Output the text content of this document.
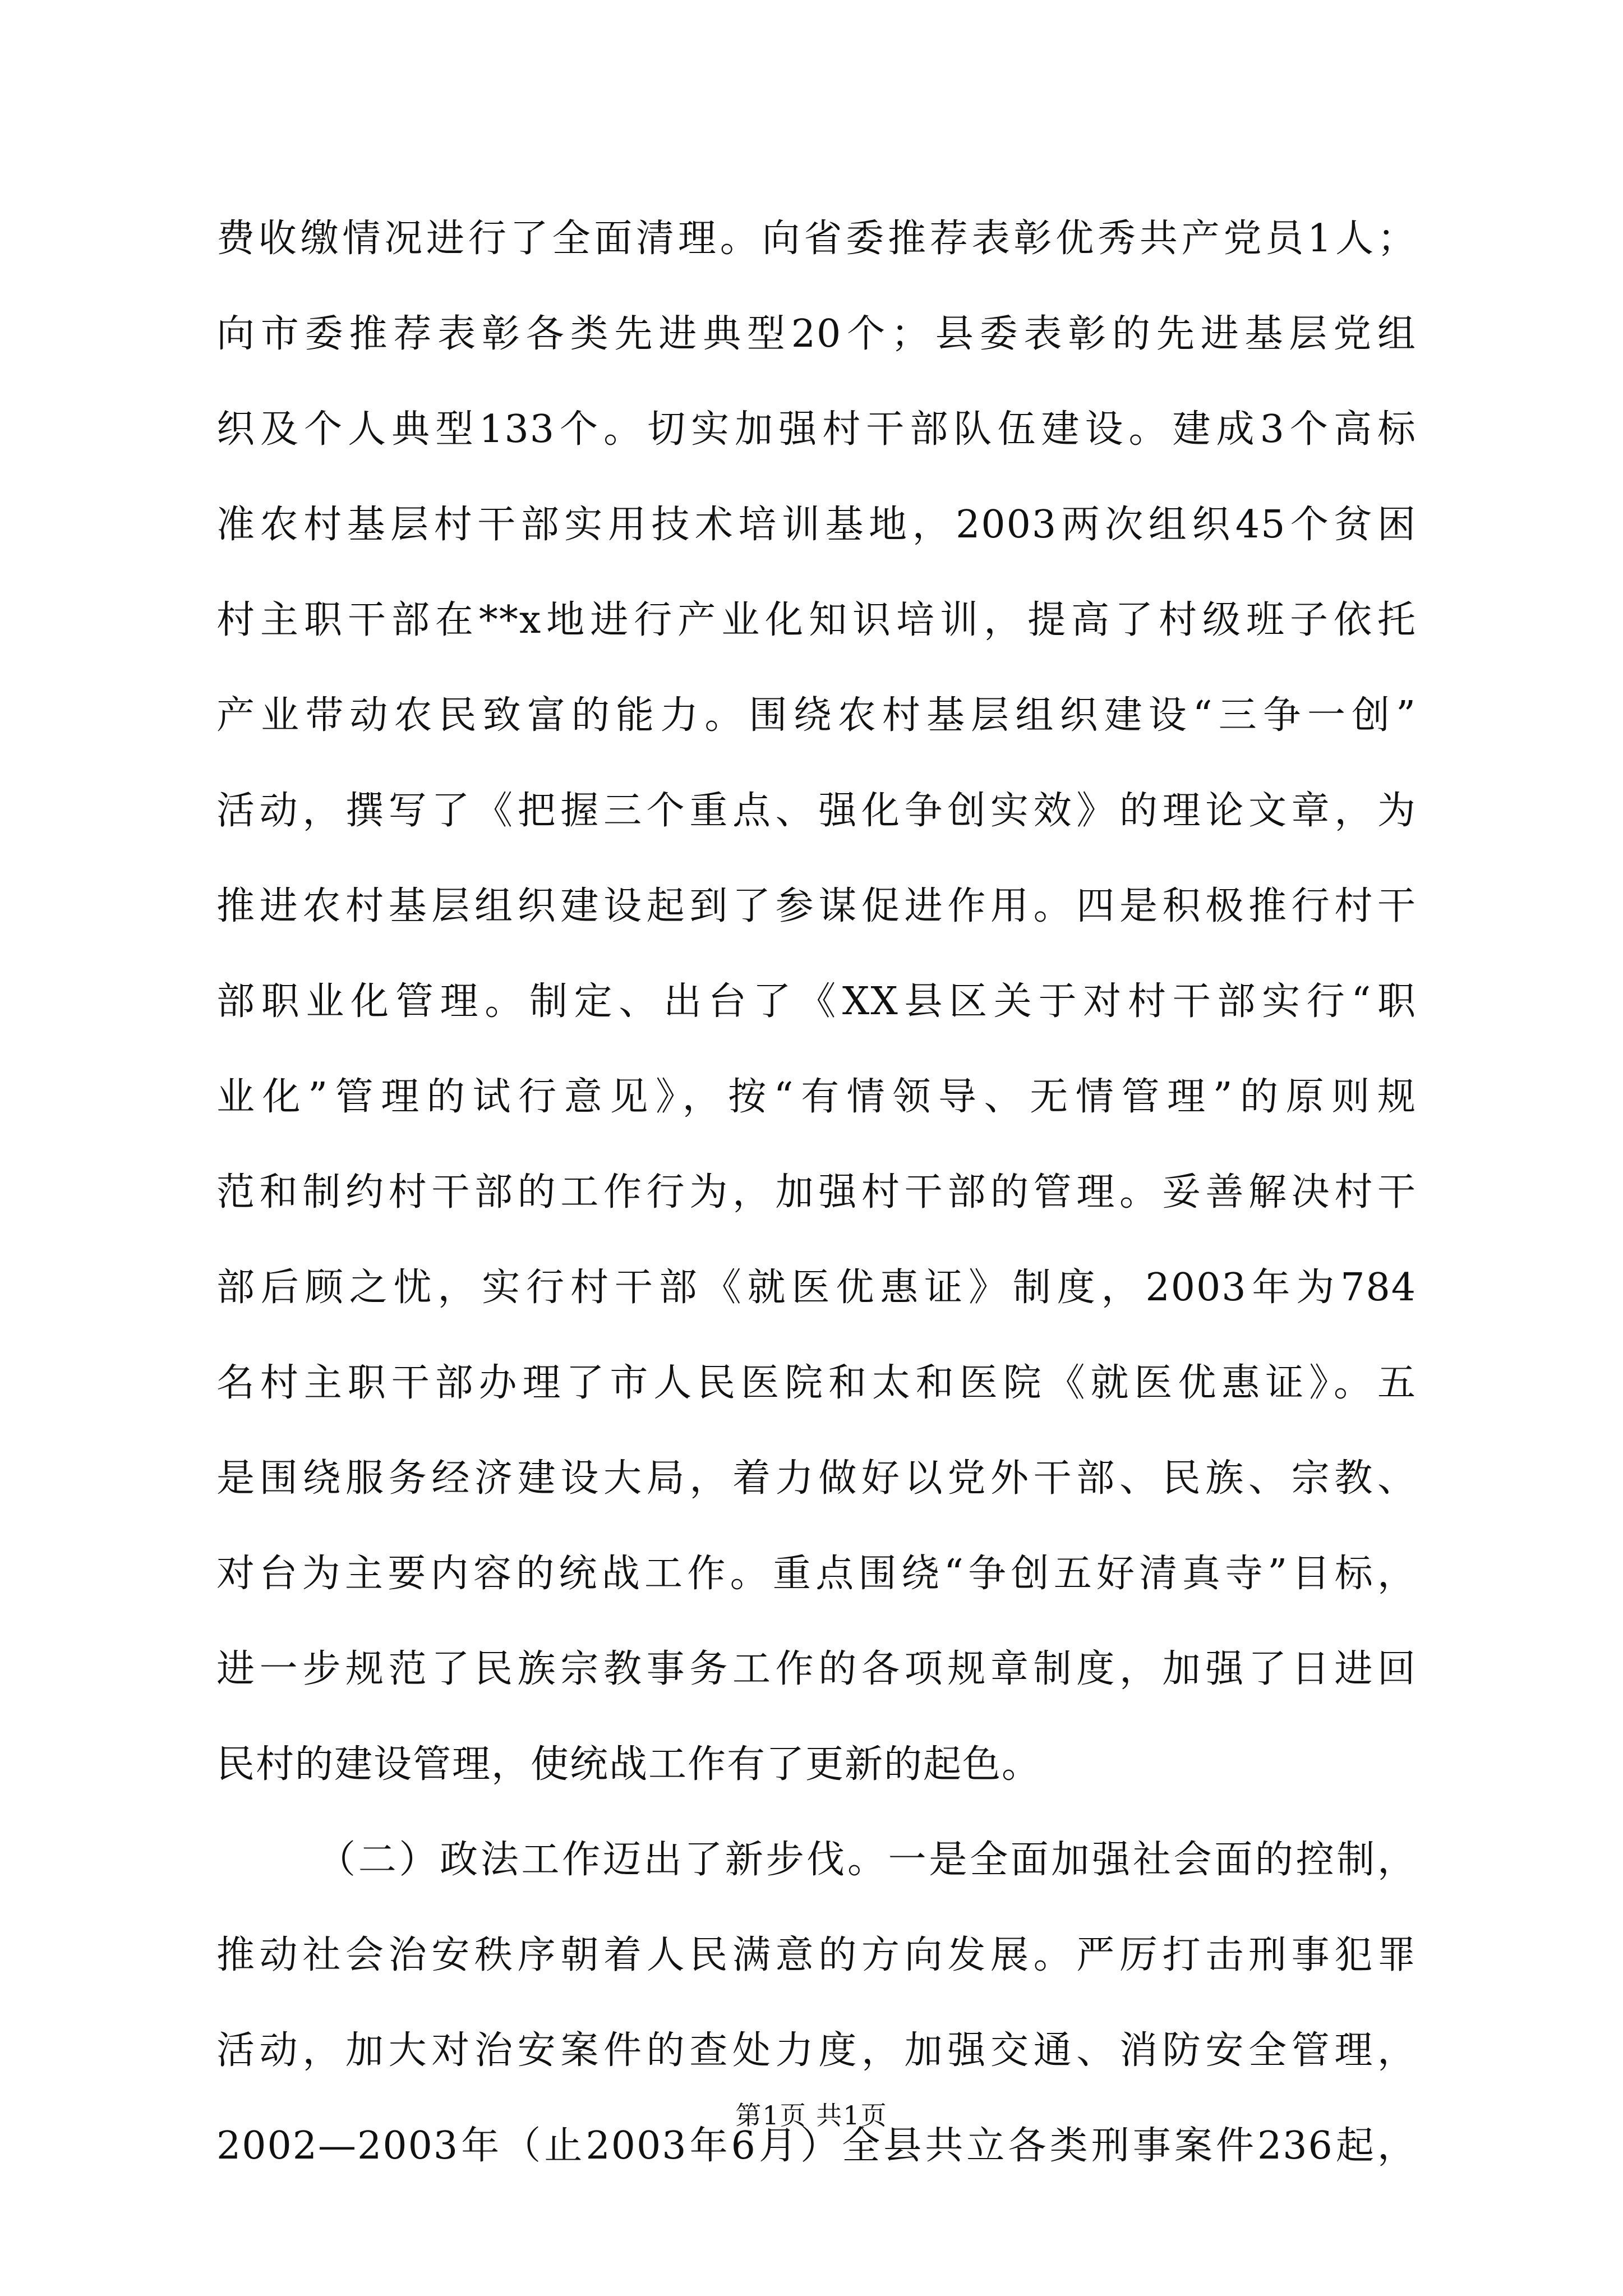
费收缴情况进行了全面清理。向省委推荐表彰优秀共产党员1人；
向市委推荐表彰各类先进典型20个；县委表彰的先进基层党组
织及个人典型133个。切实加强村干部队伍建设。建成3个高标
准农村基层村干部实用技术培训基地，2003两次组织45个贫困
村主职干部在**x地进行产业化知识培训，提高了村级班子依托
产业带动农民致富的能力。围绕农村基层组织建设“三争一创”
活动，撰写了《把握三个重点、强化争创实效》的理论文章，为
推进农村基层组织建设起到了参谋促进作用。四是积极推行村干
部职业化管理。制定、出台了《XX县区关于对村干部实行“职
业化”管理的试行意见》，按“有情领导、无情管理”的原则规
范和制约村干部的工作行为，加强村干部的管理。妥善解决村干
部后顾之忧，实行村干部《就医优惠证》制度，2003年为784
名村主职干部办理了市人民医院和太和医院《就医优惠证》。五
是围绕服务经济建设大局，着力做好以党外干部、民族、宗教、
对台为主要内容的统战工作。重点围绕“争创五好清真寺”目标，
进一步规范了民族宗教事务工作的各项规章制度，加强了日进回
民村的建设管理，使统战工作有了更新的起色。
（二）政法工作迈出了新步伐。一是全面加强社会面的控制，
推动社会治安秩序朝着人民满意的方向发展。严厉打击刑事犯罪
活动，加大对治安案件的查处力度，加强交通、消防安全管理，
2002—2003年（止2003年6月）全县共立各类刑事案件236起，
第1页 共1页
